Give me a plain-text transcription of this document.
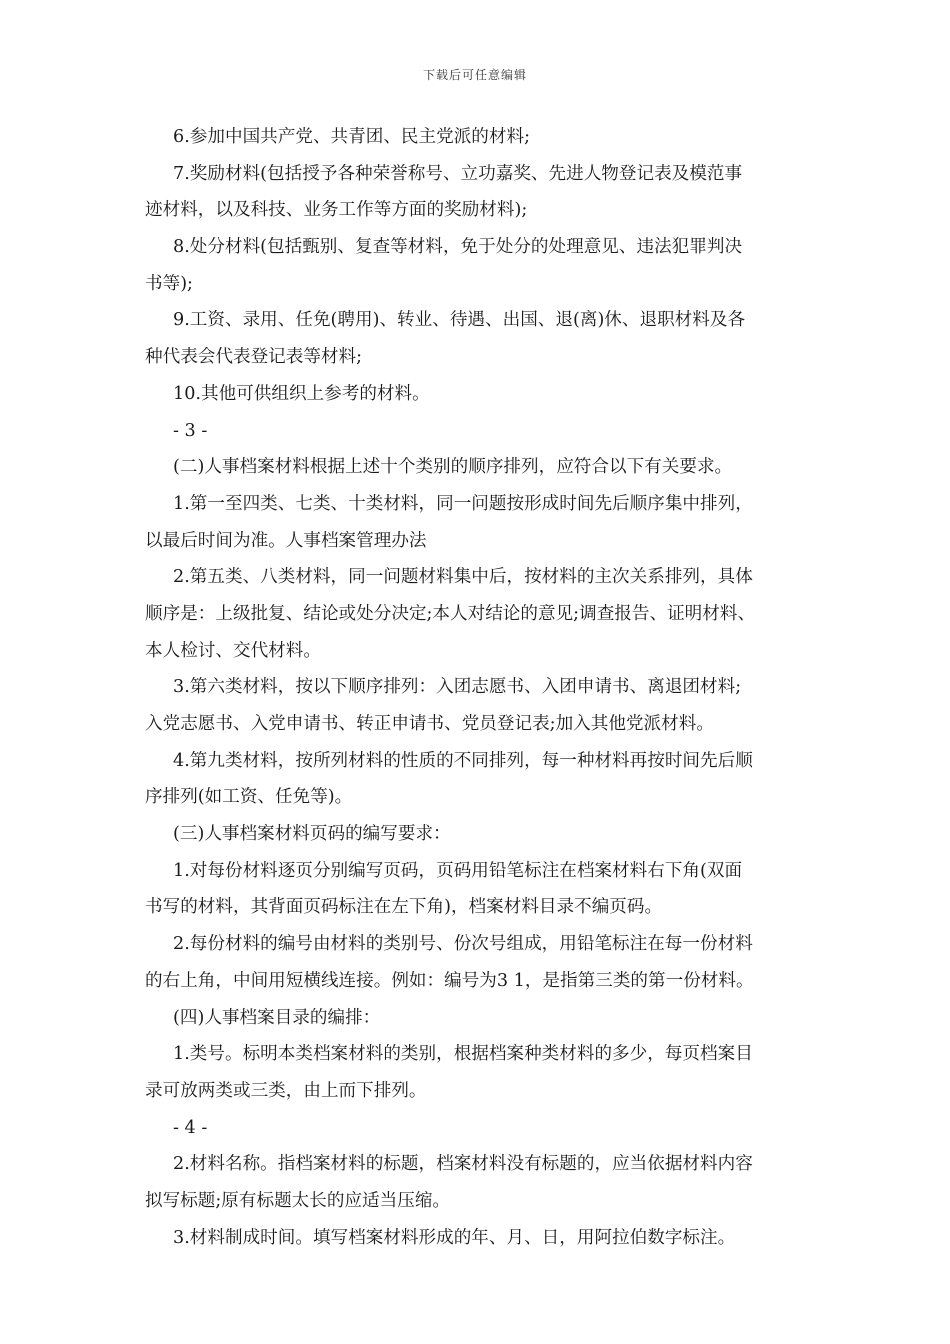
下载后可任意编辑
6.参加中国共产党、共青团、民主党派的材料;
7.奖励材料(包括授予各种荣誉称号、立功嘉奖、先进人物登记表及模范事
迹材料，以及科技、业务工作等方面的奖励材料);
8.处分材料(包括甄别、复查等材料，免于处分的处理意见、违法犯罪判决
书等);
9.工资、录用、任免(聘用)、转业、待遇、出国、退(离)休、退职材料及各
种代表会代表登记表等材料;
10.其他可供组织上参考的材料。
- 3 -
(二)人事档案材料根据上述十个类别的顺序排列，应符合以下有关要求。
1.第一至四类、七类、十类材料，同一问题按形成时间先后顺序集中排列，
以最后时间为准。人事档案管理办法
2.第五类、八类材料，同一问题材料集中后，按材料的主次关系排列，具体
顺序是：上级批复、结论或处分决定;本人对结论的意见;调查报告、证明材料、
本人检讨、交代材料。
3.第六类材料，按以下顺序排列：入团志愿书、入团申请书、离退团材料;
入党志愿书、入党申请书、转正申请书、党员登记表;加入其他党派材料。
4.第九类材料，按所列材料的性质的不同排列，每一种材料再按时间先后顺
序排列(如工资、任免等)。
(三)人事档案材料页码的编写要求：
1.对每份材料逐页分别编写页码，页码用铅笔标注在档案材料右下角(双面
书写的材料，其背面页码标注在左下角)，档案材料目录不编页码。
2.每份材料的编号由材料的类别号、份次号组成，用铅笔标注在每一份材料
的右上角，中间用短横线连接。例如：编号为3 1，是指第三类的第一份材料。
(四)人事档案目录的编排：
1.类号。标明本类档案材料的类别，根据档案种类材料的多少，每页档案目
录可放两类或三类，由上而下排列。
- 4 -
2.材料名称。指档案材料的标题，档案材料没有标题的，应当依据材料内容
拟写标题;原有标题太长的应适当压缩。
3.材料制成时间。填写档案材料形成的年、月、日，用阿拉伯数字标注。
